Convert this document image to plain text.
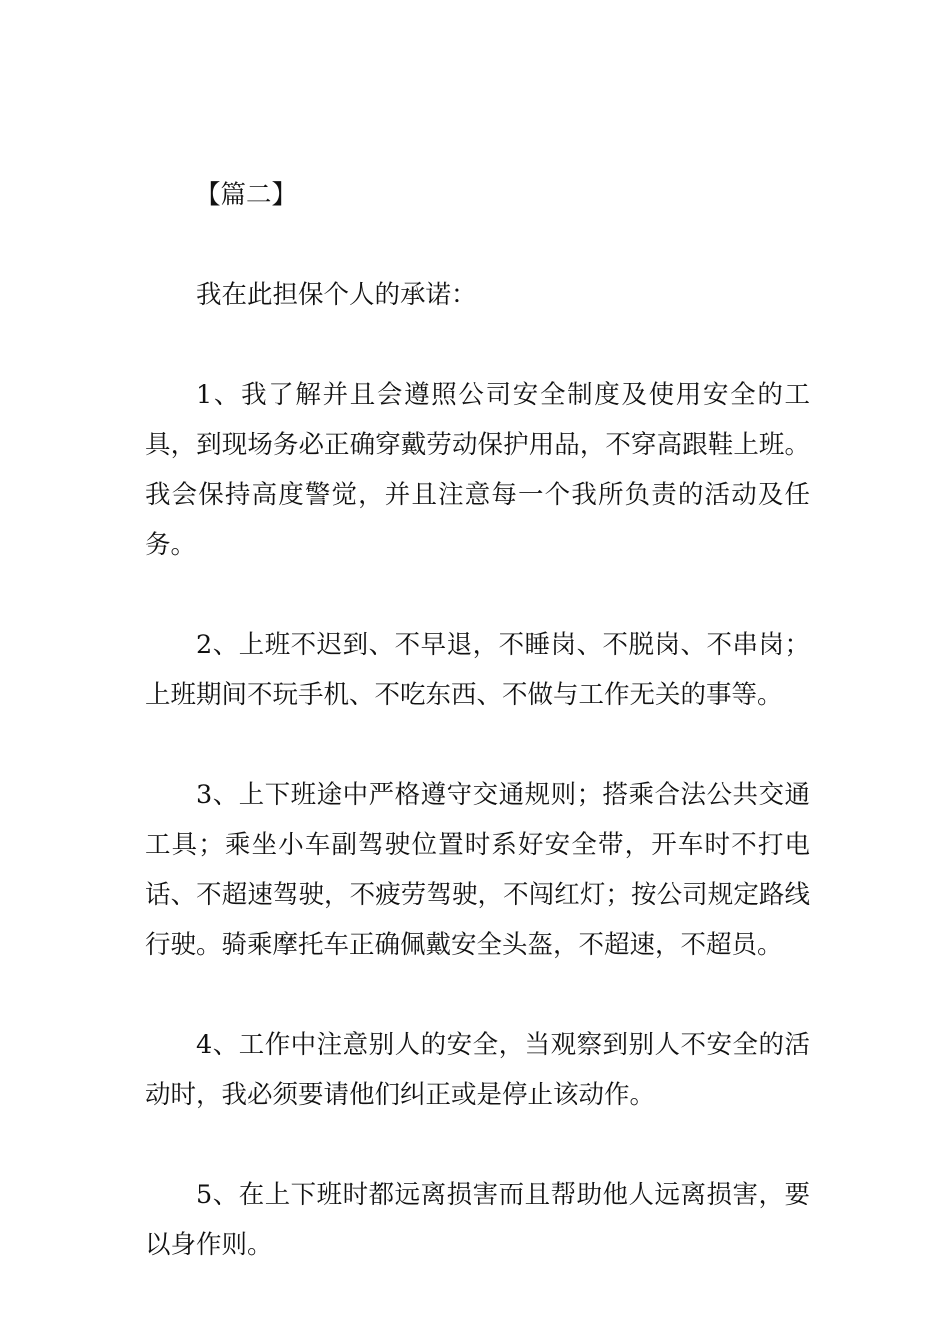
【篇二】

我在此担保个人的承诺：

1、我了解并且会遵照公司安全制度及使用安全的工具，到现场务必正确穿戴劳动保护用品，不穿高跟鞋上班。我会保持高度警觉，并且注意每一个我所负责的活动及任务。

2、上班不迟到、不早退，不睡岗、不脱岗、不串岗；上班期间不玩手机、不吃东西、不做与工作无关的事等。

3、上下班途中严格遵守交通规则；搭乘合法公共交通工具；乘坐小车副驾驶位置时系好安全带，开车时不打电话、不超速驾驶，不疲劳驾驶，不闯红灯；按公司规定路线行驶。骑乘摩托车正确佩戴安全头盔，不超速，不超员。

4、工作中注意别人的安全，当观察到别人不安全的活动时，我必须要请他们纠正或是停止该动作。

5、在上下班时都远离损害而且帮助他人远离损害，要以身作则。
